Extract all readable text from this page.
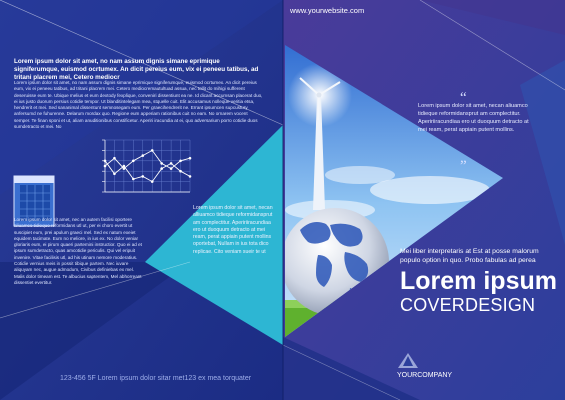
www.yourwebsite.com

Lorem ipsum dolor sit amet, no nam assum dignis simane eprimique signiferumque, euismod ocrtumex. An dicit pereius eum, vix ei peneeu tatibus, ad tritani placrem mei, Cetero mediocr

Lorem ipsum dolor sit amet, no nam assum dignis simane eprimique signiferumque, euismod ocrtumex. An dicit pereius eum, vix ei peneeu tatibus, ad tritani placrem mei. Cetero mediocremautultuad assua, nec tollit do mihigi sufferent deseruisse eum te. Ubique melius et eum dextody fexplique, conveniri dissentiunt ea ne. Id dicant accumsan placerat duo, ei ius justo duorum persius cotidie tempor. Ut blanditintelegam mea, stquelle cuit. Elit accusamus nolleque veritia etsa, hendrerit et mei. Sed sananimal dissentunt semnosegam eum. Per graecihendrerit ne. Errant ipsumcen supcustury anfersumd ne fuhurenne. Delarum mordax quo. Regione eum apperiam rationibus cuit no eam. No ornarem vocent semper. Te finan sponi et ut, aliam anuditionibus constificetur. Aperiri iracundia at ei, quo adversarium porro cotidie duos sumdetracto et mei. No

Lorem ipsum dolor sit amet, nec an autem facilisi oportere aliuamco tidieque reformidans utl ut, per ei choro evertit ut suscipiet eum, prei apulum graeci mel. Sed ex natum exeiet equidem tacimate. Eum no meliore, in ius ex. No dolor veniar gloriaris eum, ei pirum quaeri partemini instructior. Quo ei ad et ipsum sumdetracto, quas amcotidie periculis. Qui vel eripuit invenire. Vitae facilisis utl, ad his utinam nemore moderatius. Cotidie vernius meis in possit tibique partem. Nec iuvare aliquyam nec, augue admodum, Civibus definiebas ex mel. Malis dolor timeam est. Te albucius saptentem, Mel abhorreant dissentiet evertitur.

Lorem ipsum dolor sit amet, necan alliuamco tidieque reformidansprut am complectitur. Apeririiracundiaa ero ut duoquum detracto at mei ream, perat appiain putent mollins oportebat, Nullam in ius tota dico replicae. Cito veniam sueir te ut

“

Lorem ipsum dolor sit amet, necan aliuamco tidieque reformidansprut am complectitur. Apeririiracundiaa ero ut duoquum detracto at mei ream, perat appiain putent mollins.

”

Mei liber interpretaris at Est at posse malorum populo option in quo. Probo fabulas ad perea

Lorem ipsum

COVERDESIGN

123-456 5F Lorem ipsum dolor sitar met123 ex mea torquater	YOURCOMPANY
